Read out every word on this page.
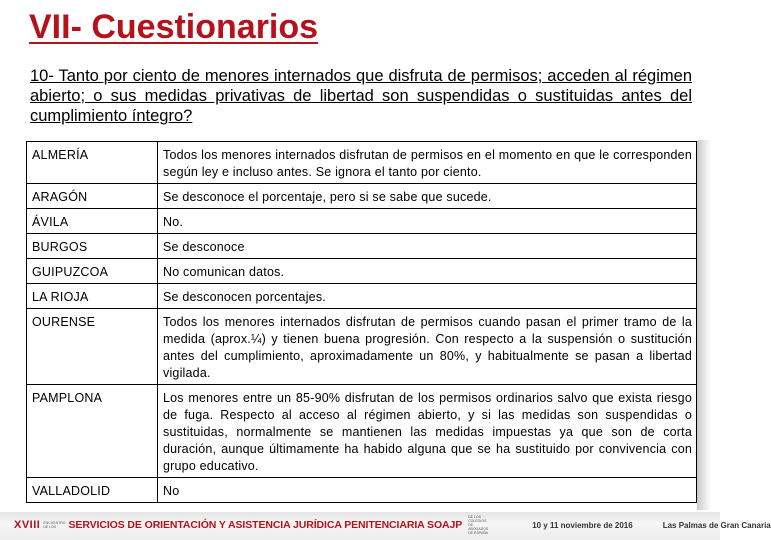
VII- Cuestionarios
10- Tanto por ciento de menores internados que disfruta de permisos; acceden al régimen abierto; o sus medidas privativas de libertad son suspendidas o sustituidas antes del cumplimiento íntegro?
ALMERÍA	Todos los menores internados disfrutan de permisos en el momento en que le corresponden según ley e incluso antes. Se ignora el tanto por ciento.
ARAGÓN	Se desconoce el porcentaje, pero si se sabe que sucede.
ÁVILA	No.
BURGOS	Se desconoce
GUIPUZCOA	No comunican datos.
LA RIOJA	Se desconocen porcentajes.
OURENSE	Todos los menores internados disfrutan de permisos cuando pasan el primer tramo de la medida (aprox.¼) y tienen buena progresión. Con respecto a la suspensión o sustitución antes del cumplimiento, aproximadamente un 80%, y habitualmente se pasan a libertad vigilada.
PAMPLONA	Los menores entre un 85-90% disfrutan de los permisos ordinarios salvo que exista riesgo de fuga. Respecto al acceso al régimen abierto, y si las medidas son suspendidas o sustituidas, normalmente se mantienen las medidas impuestas ya que son de corta duración, aunque últimamente ha habido alguna que se ha sustituido por convivencia con grupo educativo.
VALLADOLID	No
XVIII ENCUENTRO DE LOS	SERVICIOS DE ORIENTACIÓN Y ASISTENCIA JURÍDICA PENITENCIARIA SOAJP
DE LOS COLEGIOS DE ABOGADOS DE ESPAÑA
10 y 11 noviembre de 2016	Las Palmas de Gran Canaria
